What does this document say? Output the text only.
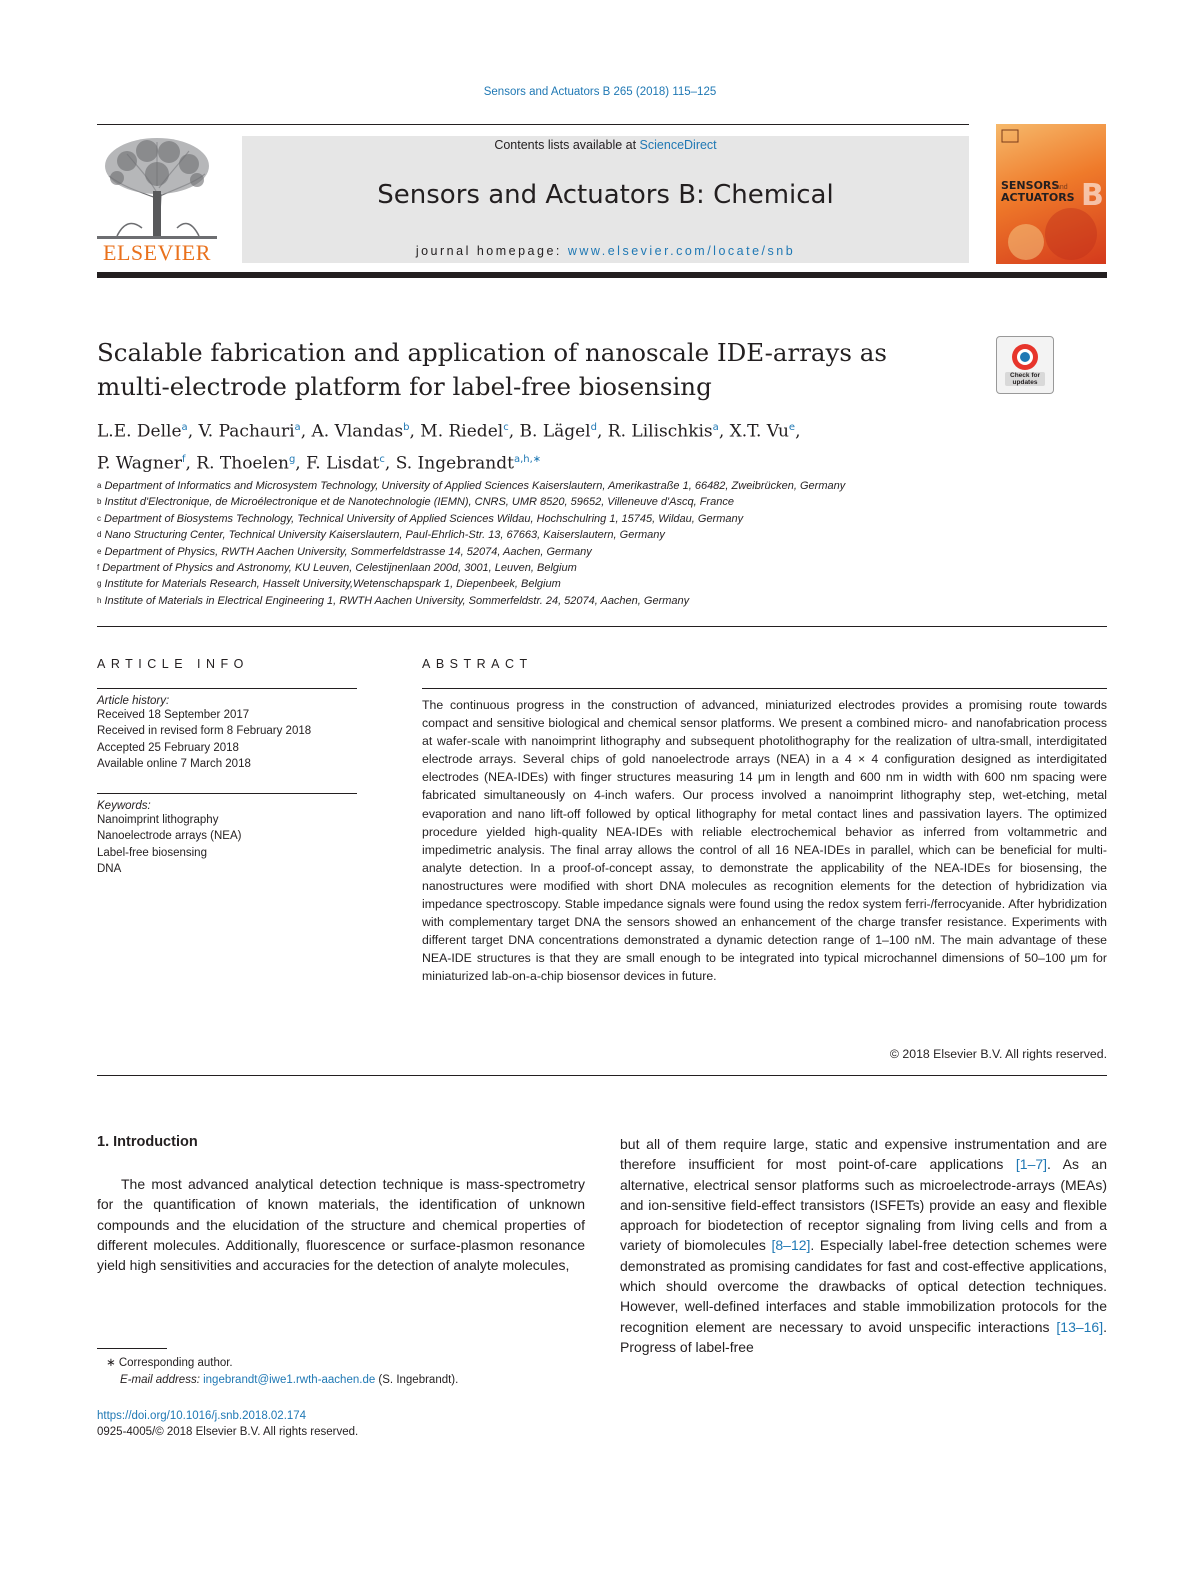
Sensors and Actuators B 265 (2018) 115–125
ELSEVIER
Contents lists available at ScienceDirect
Sensors and Actuators B: Chemical
journal homepage: www.elsevier.com/locate/snb
SENSORS
ACTUATORS
and B
Scalable fabrication and application of nanoscale IDE-arrays as
multi-electrode platform for label-free biosensing	Check for updates
L.E. Delle$^a$, V. Pachauri$^a$, A. Vlandas$^b$, M. Riedel$^c$, B. Lägel$^d$, R. Lilischkis$^a$, X.T. Vu$^e$,
P. Wagner$^f$, R. Thoelen$^g$, F. Lisdat$^c$, S. Ingebrandt$^{a,h,∗}$
$^a$ Department of Informatics and Microsystem Technology, University of Applied Sciences Kaiserslautern, Amerikastraße 1, 66482, Zweibrücken, Germany
$^b$ Institut d'Electronique, de Microélectronique et de Nanotechnologie (IEMN), CNRS, UMR 8520, 59652, Villeneuve d'Ascq, France
$^c$ Department of Biosystems Technology, Technical University of Applied Sciences Wildau, Hochschulring 1, 15745, Wildau, Germany
$^d$ Nano Structuring Center, Technical University Kaiserslautern, Paul-Ehrlich-Str. 13, 67663, Kaiserslautern, Germany
$^e$ Department of Physics, RWTH Aachen University, Sommerfeldstrasse 14, 52074, Aachen, Germany
$^f$ Department of Physics and Astronomy, KU Leuven, Celestijnenlaan 200d, 3001, Leuven, Belgium
$^g$ Institute for Materials Research, Hasselt University,Wetenschapspark 1, Diepenbeek, Belgium
$^h$ Institute of Materials in Electrical Engineering 1, RWTH Aachen University, Sommerfeldstr. 24, 52074, Aachen, Germany
ARTICLE INFO
Article history:
Received 18 September 2017
Received in revised form 8 February 2018
Accepted 25 February 2018
Available online 7 March 2018
Keywords:
Nanoimprint lithography
Nanoelectrode arrays (NEA)
Label-free biosensing
DNA
ABSTRACT
The continuous progress in the construction of advanced, miniaturized electrodes provides a promising route towards compact and sensitive biological and chemical sensor platforms. We present a combined micro- and nanofabrication process at wafer-scale with nanoimprint lithography and subsequent photolithography for the realization of ultra-small, interdigitated electrode arrays. Several chips of gold nanoelectrode arrays (NEA) in a 4 × 4 configuration designed as interdigitated electrodes (NEA-IDEs) with finger structures measuring 14 μm in length and 600 nm in width with 600 nm spacing were fabricated simultaneously on 4-inch wafers. Our process involved a nanoimprint lithography step, wet-etching, metal evaporation and nano lift-off followed by optical lithography for metal contact lines and passivation layers. The optimized procedure yielded high-quality NEA-IDEs with reliable electrochemical behavior as inferred from voltammetric and impedimetric analysis. The final array allows the control of all 16 NEA-IDEs in parallel, which can be beneficial for multi-analyte detection. In a proof-of-concept assay, to demonstrate the applicability of the NEA-IDEs for biosensing, the nanostructures were modified with short DNA molecules as recognition elements for the detection of hybridization via impedance spectroscopy. Stable impedance signals were found using the redox system ferri-/ferrocyanide. After hybridization with complementary target DNA the sensors showed an enhancement of the charge transfer resistance. Experiments with different target DNA concentrations demonstrated a dynamic detection range of 1–100 nM. The main advantage of these NEA-IDE structures is that they are small enough to be integrated into typical microchannel dimensions of 50–100 μm for miniaturized lab-on-a-chip biosensor devices in future.
© 2018 Elsevier B.V. All rights reserved.
1. Introduction
The most advanced analytical detection technique is mass-spectrometry for the quantification of known materials, the identification of unknown compounds and the elucidation of the structure and chemical properties of different molecules. Additionally, fluorescence or surface-plasmon resonance yield high sensitivities and accuracies for the detection of analyte molecules,
but all of them require large, static and expensive instrumentation and are therefore insufficient for most point-of-care applications [1–7]. As an alternative, electrical sensor platforms such as microelectrode-arrays (MEAs) and ion-sensitive field-effect transistors (ISFETs) provide an easy and flexible approach for biodetection of receptor signaling from living cells and from a variety of biomolecules [8–12]. Especially label-free detection schemes were demonstrated as promising candidates for fast and cost-effective applications, which should overcome the drawbacks of optical detection techniques. However, well-defined interfaces and stable immobilization protocols for the recognition element are necessary to avoid unspecific interactions [13–16]. Progress of label-free
∗ Corresponding author.
E-mail address: ingebrandt@iwe1.rwth-aachen.de (S. Ingebrandt).
https://doi.org/10.1016/j.snb.2018.02.174
0925-4005/© 2018 Elsevier B.V. All rights reserved.
